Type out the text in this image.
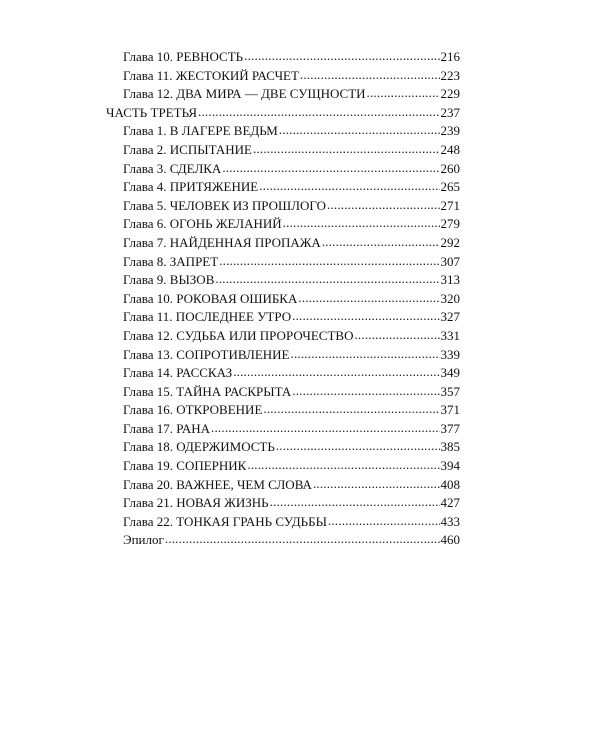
Глава 10. РЕВНОСТЬ .....	216
Глава 11. ЖЕСТОКИЙ РАСЧЕТ .....	223
Глава 12. ДВА МИРА — ДВЕ СУЩНОСТИ .....	229
ЧАСТЬ ТРЕТЬЯ .....	237
Глава 1. В ЛАГЕРЕ ВЕДЬМ .....	239
Глава 2. ИСПЫТАНИЕ .....	248
Глава 3. СДЕЛКА .....	260
Глава 4. ПРИТЯЖЕНИЕ .....	265
Глава 5. ЧЕЛОВЕК ИЗ ПРОШЛОГО .....	271
Глава 6. ОГОНЬ ЖЕЛАНИЙ .....	279
Глава 7. НАЙДЕННАЯ ПРОПАЖА .....	292
Глава 8. ЗАПРЕТ .....	307
Глава 9. ВЫЗОВ .....	313
Глава 10. РОКОВАЯ ОШИБКА .....	320
Глава 11. ПОСЛЕДНЕЕ УТРО .....	327
Глава 12. СУДЬБА ИЛИ ПРОРОЧЕСТВО .....	331
Глава 13. СОПРОТИВЛЕНИЕ .....	339
Глава 14. РАССКАЗ .....	349
Глава 15. ТАЙНА РАСКРЫТА .....	357
Глава 16. ОТКРОВЕНИЕ .....	371
Глава 17. РАНА .....	377
Глава 18. ОДЕРЖИМОСТЬ .....	385
Глава 19. СОПЕРНИК .....	394
Глава 20. ВАЖНЕЕ, ЧЕМ СЛОВА .....	408
Глава 21. НОВАЯ ЖИЗНЬ .....	427
Глава 22. ТОНКАЯ ГРАНЬ СУДЬБЫ .....	433
Эпилог .....	460
